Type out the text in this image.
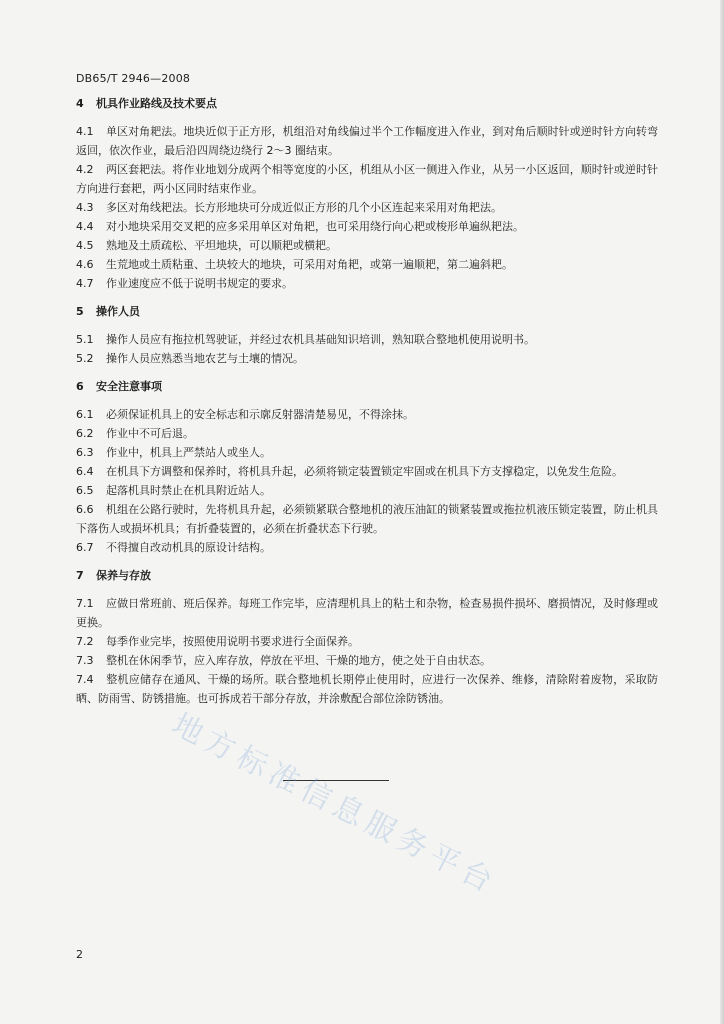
DB65/T 2946—2008

4 机具作业路线及技术要点

4.1 单区对角耙法。地块近似于正方形，机组沿对角线偏过半个工作幅度进入作业，到对角后顺时针或逆时针方向转弯返回，依次作业，最后沿四周绕边绕行 2～3 圈结束。

4.2 两区套耙法。将作业地划分成两个相等宽度的小区，机组从小区一侧进入作业，从另一小区返回，顺时针或逆时针方向进行套耙，两小区同时结束作业。

4.3 多区对角线耙法。长方形地块可分成近似正方形的几个小区连起来采用对角耙法。

4.4 对小地块采用交叉耙的应多采用单区对角耙，也可采用绕行向心耙或梭形单遍纵耙法。

4.5 熟地及土质疏松、平坦地块，可以顺耙或横耙。

4.6 生荒地或土质粘重、土块较大的地块，可采用对角耙，或第一遍顺耙，第二遍斜耙。

4.7 作业速度应不低于说明书规定的要求。

5 操作人员

5.1 操作人员应有拖拉机驾驶证，并经过农机具基础知识培训，熟知联合整地机使用说明书。

5.2 操作人员应熟悉当地农艺与土壤的情况。

6 安全注意事项

6.1 必须保证机具上的安全标志和示廓反射器清楚易见，不得涂抹。

6.2 作业中不可后退。

6.3 作业中，机具上严禁站人或坐人。

6.4 在机具下方调整和保养时，将机具升起，必须将锁定装置锁定牢固或在机具下方支撑稳定，以免发生危险。

6.5 起落机具时禁止在机具附近站人。

6.6 机组在公路行驶时，先将机具升起，必须锁紧联合整地机的液压油缸的锁紧装置或拖拉机液压锁定装置，防止机具下落伤人或损坏机具；有折叠装置的，必须在折叠状态下行驶。

6.7 不得擅自改动机具的原设计结构。

7 保养与存放

7.1 应做日常班前、班后保养。每班工作完毕，应清理机具上的粘土和杂物，检查易损件损坏、磨损情况，及时修理或更换。

7.2 每季作业完毕，按照使用说明书要求进行全面保养。

7.3 整机在休闲季节，应入库存放，停放在平坦、干燥的地方，使之处于自由状态。

7.4 整机应储存在通风、干燥的场所。联合整地机长期停止使用时，应进行一次保养、维修，清除附着废物，采取防晒、防雨雪、防锈措施。也可拆成若干部分存放，并涂敷配合部位涂防锈油。

2
地方标准信息服务平台
